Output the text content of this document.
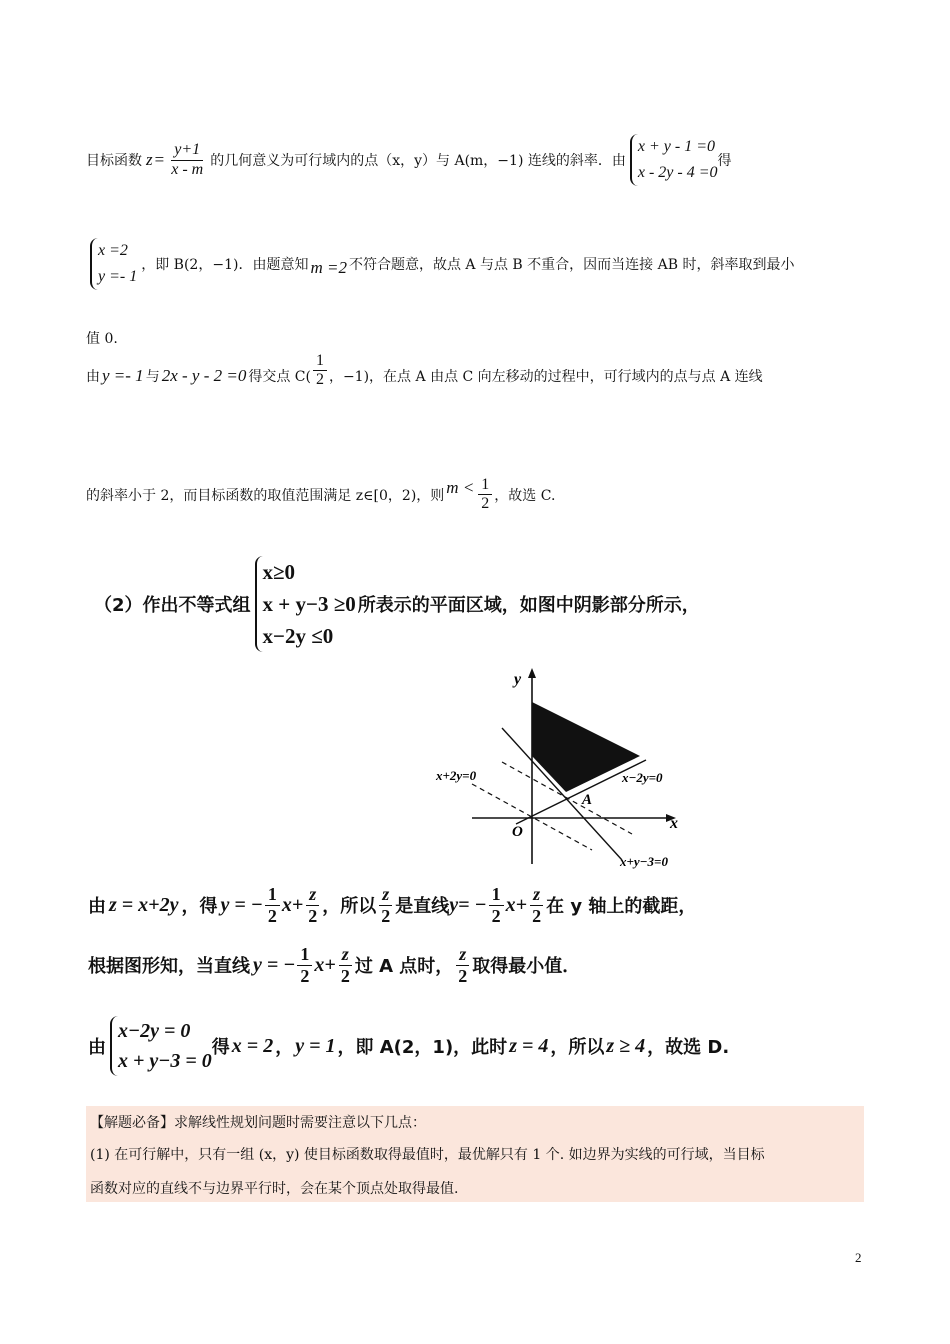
目标函数 $z = \frac{y+1}{x - m}$ 的几何意义为可行域内的点（x，y）与 A(m，−1) 连线的斜率．由
x + y - 1 =0
x - 2y - 4 =0
得
x =2
y =- 1
，即 B(2，−1)．由题意知 m =2 不符合题意，故点 A 与点 B 不重合，因而当连接 AB 时，斜率取到最小
值 0.
由 y =- 1 与 2x - y - 2 =0 得交点 $C( \frac{1}{2}$ ，−1)，在点 A 由点 C 向左移动的过程中，可行域内的点与点 A 连线
的斜率小于 2，而目标函数的取值范围满足 z∈[0，2)，则 $m < \frac{1}{2}$ ，故选 C.
（2）作出不等式组
x≥0
x + y−3 ≥0
x−2y ≤0
所表示的平面区域，如图中阴影部分所示，
y
x
O
A
x+2y=0	x−2y=0
x+y−3=0
由 z = x+2y ，得 y = − $\frac{1}{2} x+ \frac{z}{2}$ ，所以 $\frac{z}{2}$ 是直线 $y= - \frac{1}{2} x+ \frac{z}{2}$ 在 y 轴上的截距，
根据图形知，当直线 y = − $\frac{1}{2} x+ \frac{z}{2}$ 过 A 点时， $\frac{z}{2}$ 取得最小值．
由
x−2y = 0
x + y−3 = 0
得 x = 2 ， y = 1 ，即 A(2，1)，此时 z = 4 ，所以 z ≥ 4 ，故选 D.
【解题必备】求解线性规划问题时需要注意以下几点：
(1) 在可行解中，只有一组 (x，y) 使目标函数取得最值时，最优解只有 1 个. 如边界为实线的可行域，当目标
函数对应的直线不与边界平行时，会在某个顶点处取得最值.
2
